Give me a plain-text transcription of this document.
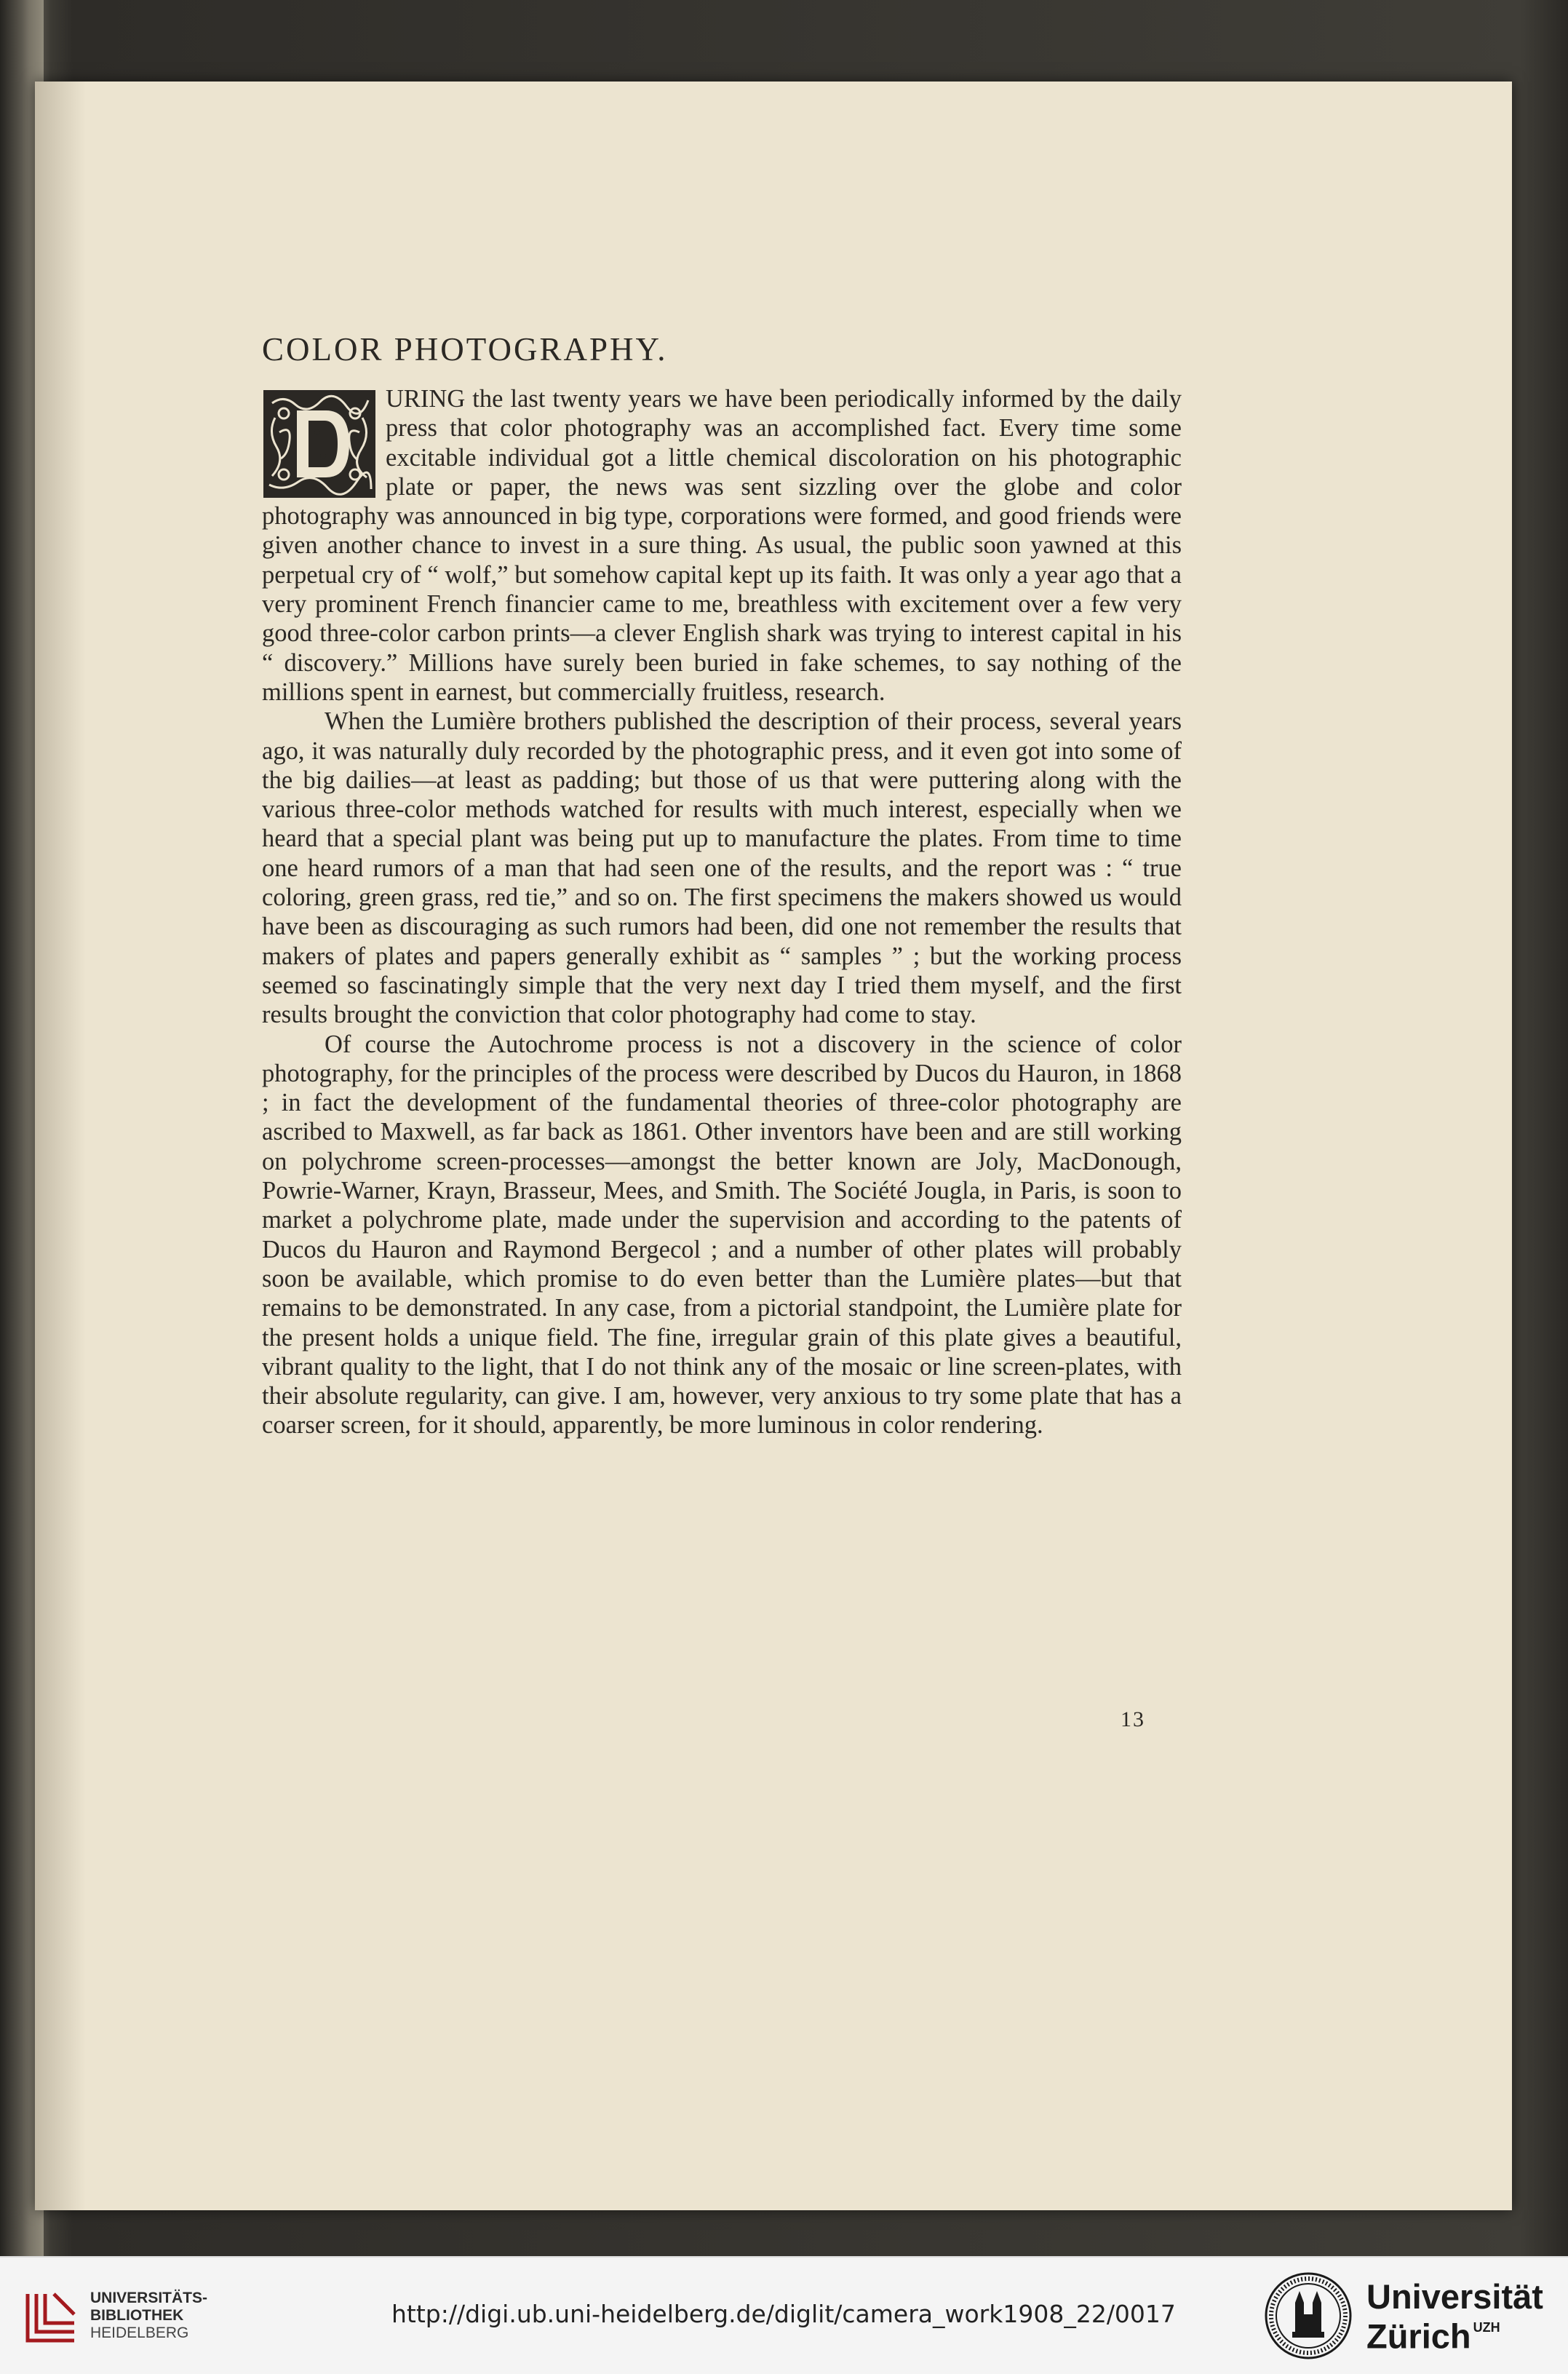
COLOR PHOTOGRAPHY.

URING the last twenty years we have been periodically informed by the daily press that color photography was an accomplished fact. Every time some excitable individual got a little chemical discoloration on his photographic plate or paper, the news was sent sizzling over the globe and color photography was announced in big type, corporations were formed, and good friends were given another chance to invest in a sure thing. As usual, the public soon yawned at this perpetual cry of “ wolf,” but somehow capital kept up its faith. It was only a year ago that a very prominent French financier came to me, breathless with excitement over a few very good three-color carbon prints—a clever English shark was trying to interest capital in his “ discovery.” Millions have surely been buried in fake schemes, to say nothing of the millions spent in earnest, but commercially fruitless, research.

When the Lumière brothers published the description of their process, several years ago, it was naturally duly recorded by the photographic press, and it even got into some of the big dailies—at least as padding; but those of us that were puttering along with the various three-color methods watched for results with much interest, especially when we heard that a special plant was being put up to manufacture the plates. From time to time one heard rumors of a man that had seen one of the results, and the report was : “ true coloring, green grass, red tie,” and so on. The first specimens the makers showed us would have been as discouraging as such rumors had been, did one not remember the results that makers of plates and papers generally exhibit as “ samples ” ; but the working process seemed so fascinatingly simple that the very next day I tried them myself, and the first results brought the conviction that color photography had come to stay.

Of course the Autochrome process is not a discovery in the science of color photography, for the principles of the process were described by Ducos du Hauron, in 1868 ; in fact the development of the fundamental theories of three-color photography are ascribed to Maxwell, as far back as 1861. Other inventors have been and are still working on polychrome screen-processes—amongst the better known are Joly, MacDonough, Powrie-Warner, Krayn, Brasseur, Mees, and Smith. The Société Jougla, in Paris, is soon to market a polychrome plate, made under the supervision and according to the patents of Ducos du Hauron and Raymond Bergecol ; and a number of other plates will probably soon be available, which promise to do even better than the Lumière plates—but that remains to be demonstrated. In any case, from a pictorial standpoint, the Lumière plate for the present holds a unique field. The fine, irregular grain of this plate gives a beautiful, vibrant quality to the light, that I do not think any of the mosaic or line screen-plates, with their absolute regularity, can give. I am, however, very anxious to try some plate that has a coarser screen, for it should, apparently, be more luminous in color rendering.

13
UNIVERSITÄTS-
BIBLIOTHEK
HEIDELBERG
http://digi.ub.uni-heidelberg.de/diglit/camera_work1908_22/0017	Universität
Zürich $^{UZH}$
